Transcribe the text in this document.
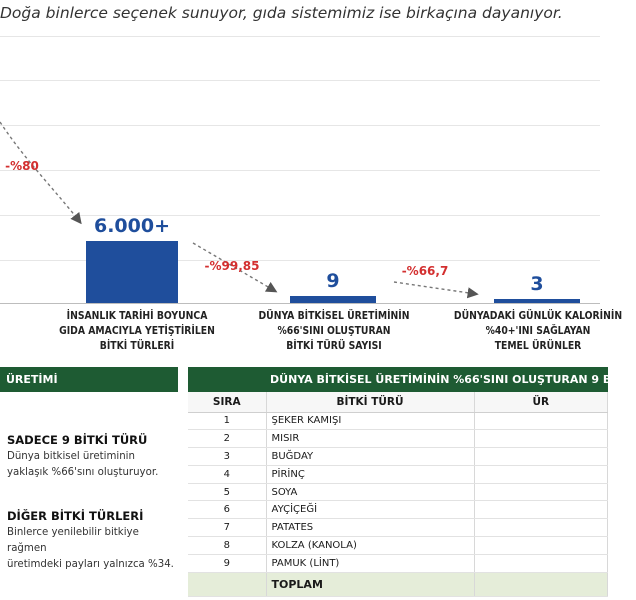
Doğa binlerce seçenek sunuyor, gıda sistemimiz ise birkaçına dayanıyor.
6.000+
9	3
-%80
-%99,85	-%66,7
İNSANLIK TARİHİ BOYUNCA
GIDA AMACIYLA YETİŞTİRİLEN
BİTKİ TÜRLERİ
DÜNYA BİTKİSEL ÜRETİMİNİN
%66'SINI OLUŞTURAN
BİTKİ TÜRÜ SAYISI
DÜNYADAKİ GÜNLÜK KALORİNİN
%40+'INI SAĞLAYAN
TEMEL ÜRÜNLER
ÜRETİMİ
SADECE 9 BİTKİ TÜRÜ
Dünya bitkisel üretiminin
yaklaşık %66'sını oluşturuyor.
DİĞER BİTKİ TÜRLERİ
Binlerce yenilebilir bitkiye rağmen
üretimdeki payları yalnızca %34.
DÜNYA BİTKİSEL ÜRETİMİNİN %66'SINI OLUŞTURAN 9 B
SIRA	BİTKİ TÜRÜ	ÜR
1	ŞEKER KAMIŞI	
2	MISIR	
3	BUĞDAY	
4	PİRİNÇ	
5	SOYA	
6	AYÇİÇEĞİ	
7	PATATES	
8	KOLZA (KANOLA)	
9	PAMUK (LİNT)	
	TOPLAM	
